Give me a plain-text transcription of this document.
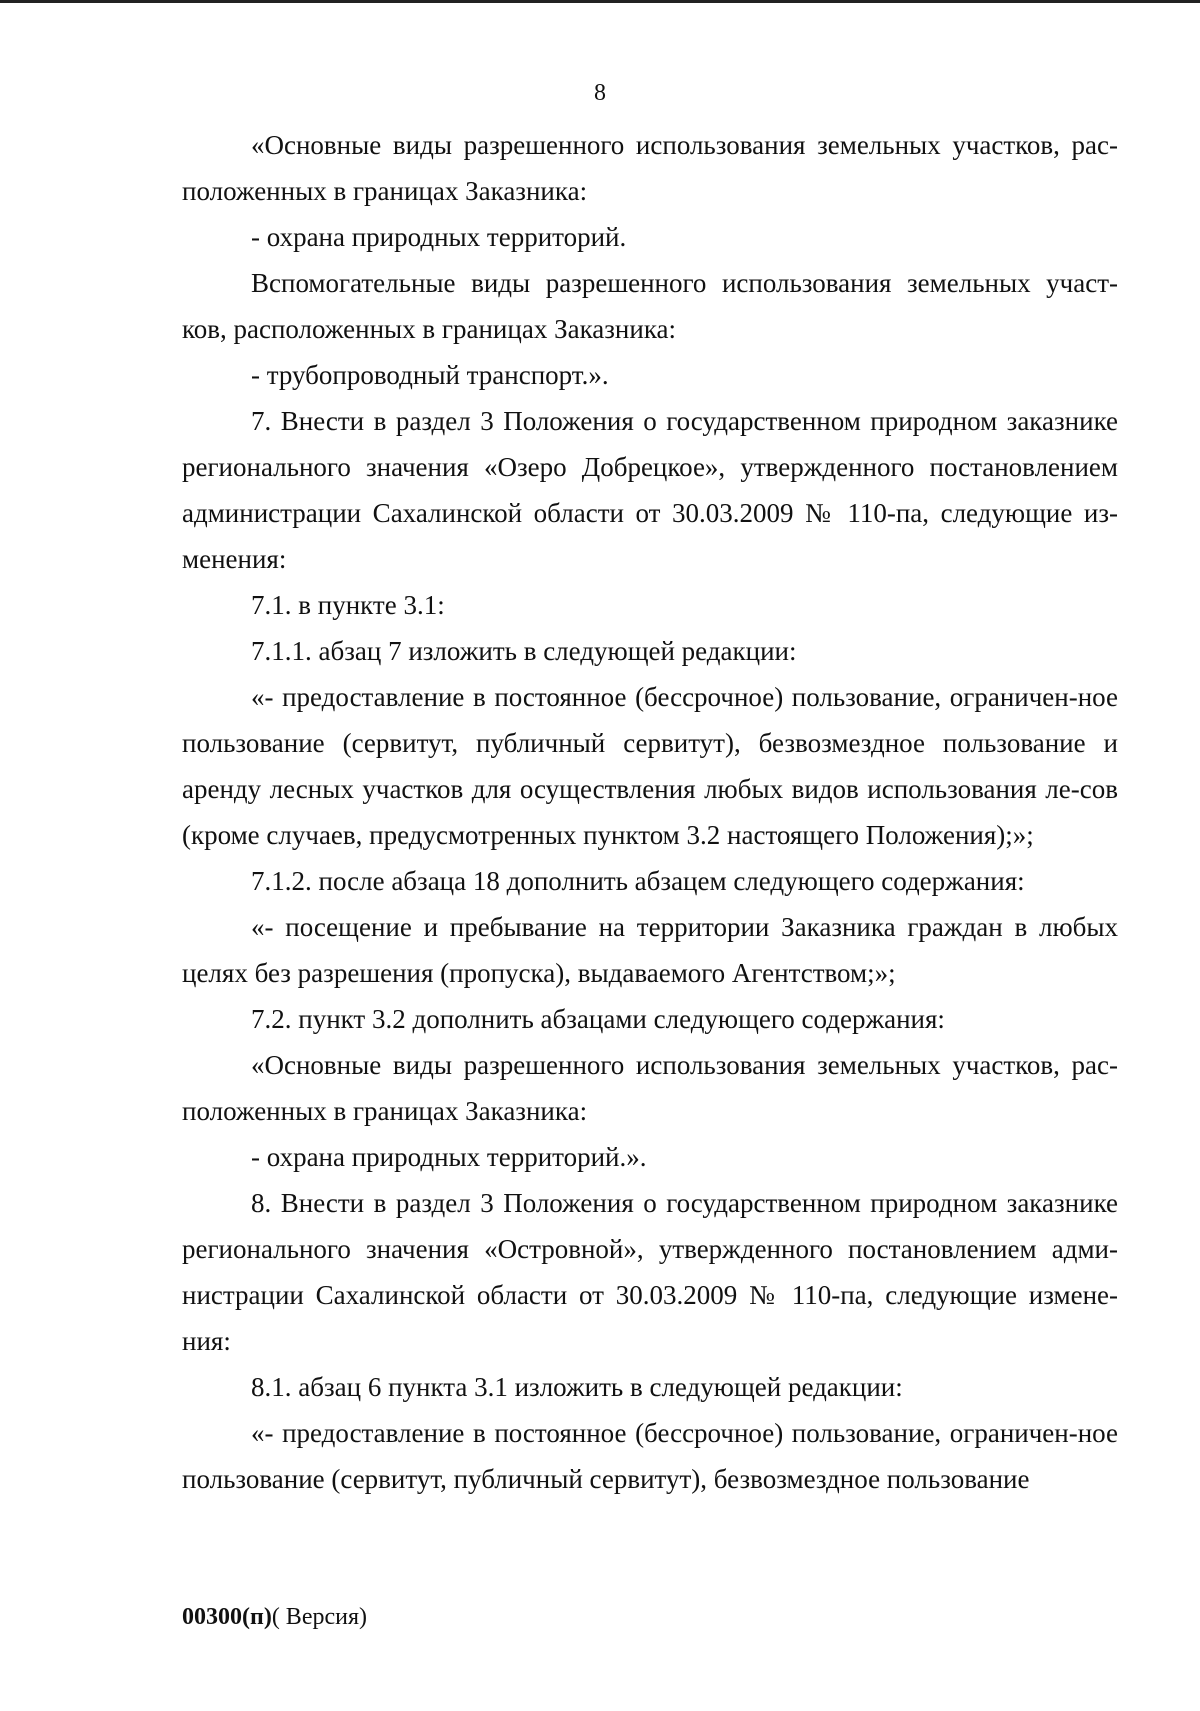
8

«Основные виды разрешенного использования земельных участков, рас-положенных в границах Заказника:

- охрана природных территорий.

Вспомогательные виды разрешенного использования земельных участ-ков, расположенных в границах Заказника:

- трубопроводный транспорт.».

7. Внести в раздел 3 Положения о государственном природном заказнике регионального значения «Озеро Добрецкое», утвержденного постановлением администрации Сахалинской области от 30.03.2009 № 110-па, следующие из-менения:

7.1. в пункте 3.1:

7.1.1. абзац 7 изложить в следующей редакции:

«- предоставление в постоянное (бессрочное) пользование, ограничен-ное пользование (сервитут, публичный сервитут), безвозмездное пользование и аренду лесных участков для осуществления любых видов использования ле-сов (кроме случаев, предусмотренных пунктом 3.2 настоящего Положения);»;

7.1.2. после абзаца 18 дополнить абзацем следующего содержания:

«- посещение и пребывание на территории Заказника граждан в любых целях без разрешения (пропуска), выдаваемого Агентством;»;

7.2. пункт 3.2 дополнить абзацами следующего содержания:

«Основные виды разрешенного использования земельных участков, рас-положенных в границах Заказника:

- охрана природных территорий.».

8. Внести в раздел 3 Положения о государственном природном заказнике регионального значения «Островной», утвержденного постановлением адми-нистрации Сахалинской области от 30.03.2009 № 110-па, следующие измене-ния:

8.1. абзац 6 пункта 3.1 изложить в следующей редакции:

«- предоставление в постоянное (бессрочное) пользование, ограничен-ное пользование (сервитут, публичный сервитут), безвозмездное пользование

00300(п)( Версия)
